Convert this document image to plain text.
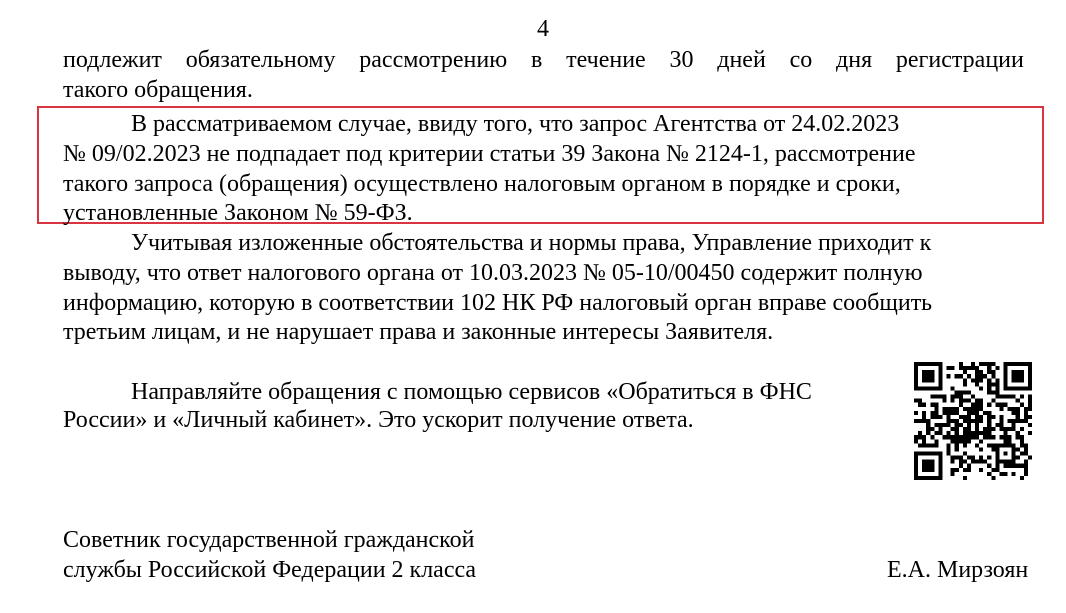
4
подлежит обязательному рассмотрению в течение 30 дней со дня регистрации
такого обращения.
В рассматриваемом случае, ввиду того, что запрос Агентства от 24.02.2023
№ 09/02.2023 не подпадает под критерии статьи 39 Закона № 2124-1, рассмотрение
такого запроса (обращения) осуществлено налоговым органом в порядке и сроки,
установленные Законом № 59-ФЗ.
Учитывая изложенные обстоятельства и нормы права, Управление приходит к
выводу, что ответ налогового органа от 10.03.2023 № 05-10/00450 содержит полную
информацию, которую в соответствии 102 НК РФ налоговый орган вправе сообщить
третьим лицам, и не нарушает права и законные интересы Заявителя.
Направляйте обращения с помощью сервисов «Обратиться в ФНС
России» и «Личный кабинет». Это ускорит получение ответа.
Советник государственной гражданской
службы Российской Федерации 2 класса	Е.А. Мирзоян
